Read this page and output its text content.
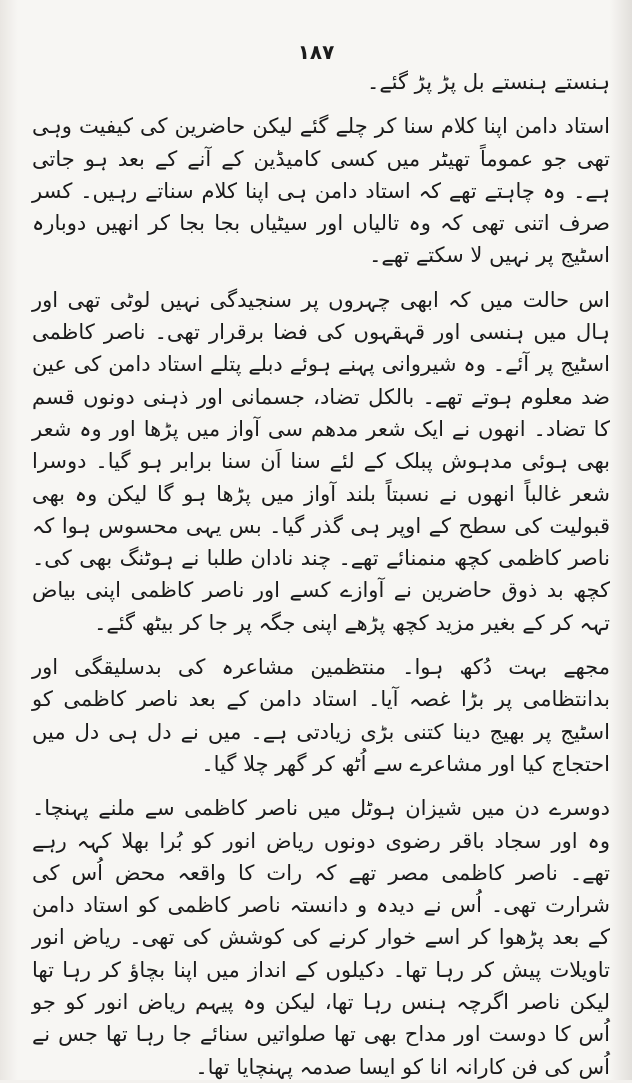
۱۸۷

ہنستے ہنستے بل پڑ پڑ گئے۔

استاد دامن اپنا کلام سنا کر چلے گئے لیکن حاضرین کی کیفیت وہی تھی جو عموماً تھیٹر میں کسی کامیڈین کے آنے کے بعد ہو جاتی ہے۔ وہ چاہتے تھے کہ استاد دامن ہی اپنا کلام سناتے رہیں۔ کسر صرف اتنی تھی کہ وہ تالیاں اور سیٹیاں بجا بجا کر انھیں دوبارہ اسٹیج پر نہیں لا سکتے تھے۔

اس حالت میں کہ ابھی چہروں پر سنجیدگی نہیں لوٹی تھی اور ہال میں ہنسی اور قہقہوں کی فضا برقرار تھی۔ ناصر کاظمی اسٹیج پر آئے۔ وہ شیروانی پہنے ہوئے دبلے پتلے استاد دامن کی عین ضد معلوم ہوتے تھے۔ بالکل تضاد، جسمانی اور ذہنی دونوں قسم کا تضاد۔ انھوں نے ایک شعر مدھم سی آواز میں پڑھا اور وہ شعر بھی ہوئی مدہوش پبلک کے لئے سنا اَن سنا برابر ہو گیا۔ دوسرا شعر غالباً انھوں نے نسبتاً بلند آواز میں پڑھا ہو گا لیکن وہ بھی قبولیت کی سطح کے اوپر ہی گذر گیا۔ بس یہی محسوس ہوا کہ ناصر کاظمی کچھ منمنائے تھے۔ چند نادان طلبا نے ہوٹنگ بھی کی۔ کچھ بد ذوق حاضرین نے آوازے کسے اور ناصر کاظمی اپنی بیاض تہہ کر کے بغیر مزید کچھ پڑھے اپنی جگہ پر جا کر بیٹھ گئے۔

مجھے بہت دُکھ ہوا۔ منتظمین مشاعرہ کی بدسلیقگی اور بدانتظامی پر بڑا غصہ آیا۔ استاد دامن کے بعد ناصر کاظمی کو اسٹیج پر بھیج دینا کتنی بڑی زیادتی ہے۔ میں نے دل ہی دل میں احتجاج کیا اور مشاعرے سے اُٹھ کر گھر چلا گیا۔

دوسرے دن میں شیزان ہوٹل میں ناصر کاظمی سے ملنے پہنچا۔ وہ اور سجاد باقر رضوی دونوں ریاض انور کو بُرا بھلا کہہ رہے تھے۔ ناصر کاظمی مصر تھے کہ رات کا واقعہ محض اُس کی شرارت تھی۔ اُس نے دیدہ و دانستہ ناصر کاظمی کو استاد دامن کے بعد پڑھوا کر اسے خوار کرنے کی کوشش کی تھی۔ ریاض انور تاویلات پیش کر رہا تھا۔ دکیلوں کے انداز میں اپنا بچاؤ کر رہا تھا لیکن ناصر اگرچہ ہنس رہا تھا، لیکن وہ پیہم ریاض انور کو جو اُس کا دوست اور مداح بھی تھا صلواتیں سنائے جا رہا تھا جس نے اُس کی فن کارانہ انا کو ایسا صدمہ پہنچایا تھا۔
